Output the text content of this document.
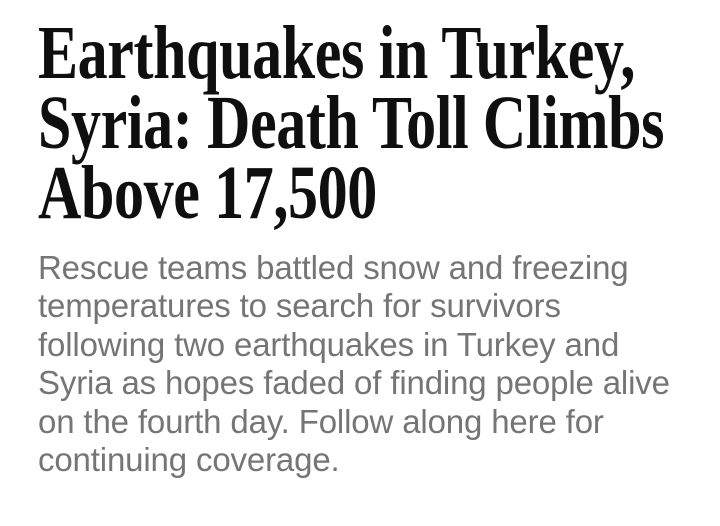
Earthquakes in Turkey,
Syria: Death Toll Climbs
Above 17,500

Rescue teams battled snow and freezing
temperatures to search for survivors
following two earthquakes in Turkey and
Syria as hopes faded of finding people alive
on the fourth day. Follow along here for
continuing coverage.
